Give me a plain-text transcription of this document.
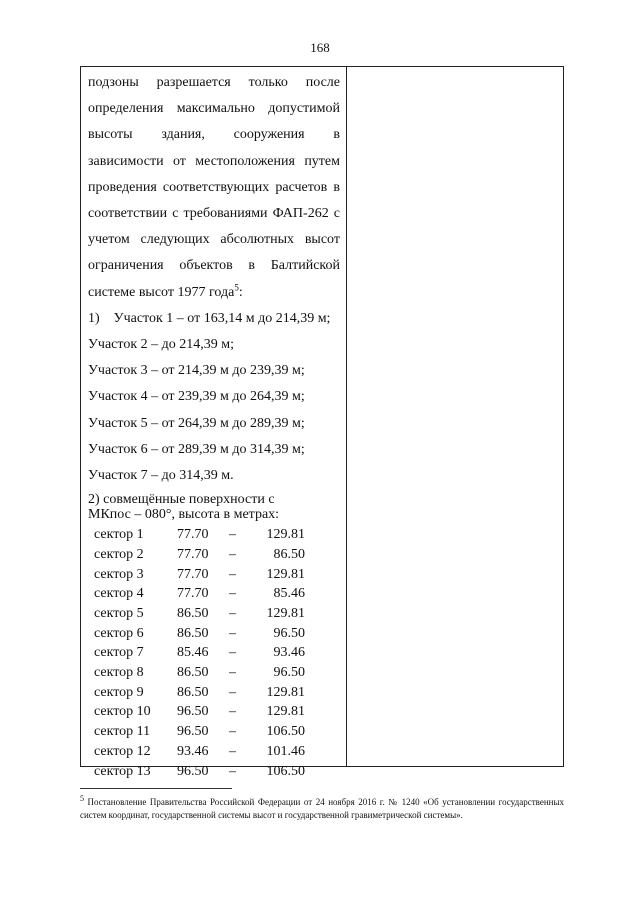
168
подзоны разрешается только после
определения максимально допустимой
высоты здания, сооружения в
зависимости от местоположения путем
проведения соответствующих расчетов в
соответствии с требованиями ФАП-262 с
учетом следующих абсолютных высот
ограничения объектов в Балтийской
системе высот 1977 года$^5$:
1)    Участок 1 – от 163,14 м до 214,39 м;
Участок 2 – до 214,39 м;
Участок 3 – от 214,39 м до 239,39 м;
Участок 4 – от 239,39 м до 264,39 м;
Участок 5 – от 264,39 м до 289,39 м;
Участок 6 – от 289,39 м до 314,39 м;
Участок 7 – до 314,39 м.
2) совмещённые поверхности с
МКпос – 080°, высота в метрах:
сектор 1 77.70 –	129.81
сектор 2 77.70 –	86.50
сектор 3 77.70 –	129.81
сектор 4 77.70 –	85.46
сектор 5 86.50 –	129.81
сектор 6 86.50 –	96.50
сектор 7 85.46 –	93.46
сектор 8 86.50 –	96.50
сектор 9 86.50 –	129.81
сектор 10 96.50 –	129.81
сектор 11 96.50 –	106.50
сектор 12 93.46 –	101.46
сектор 13 96.50 –	106.50
$^5$ Постановление Правительства Российской Федерации от 24 ноября 2016 г. № 1240 «Об установлении государственных систем координат, государственной системы высот и государственной гравиметрической системы».
